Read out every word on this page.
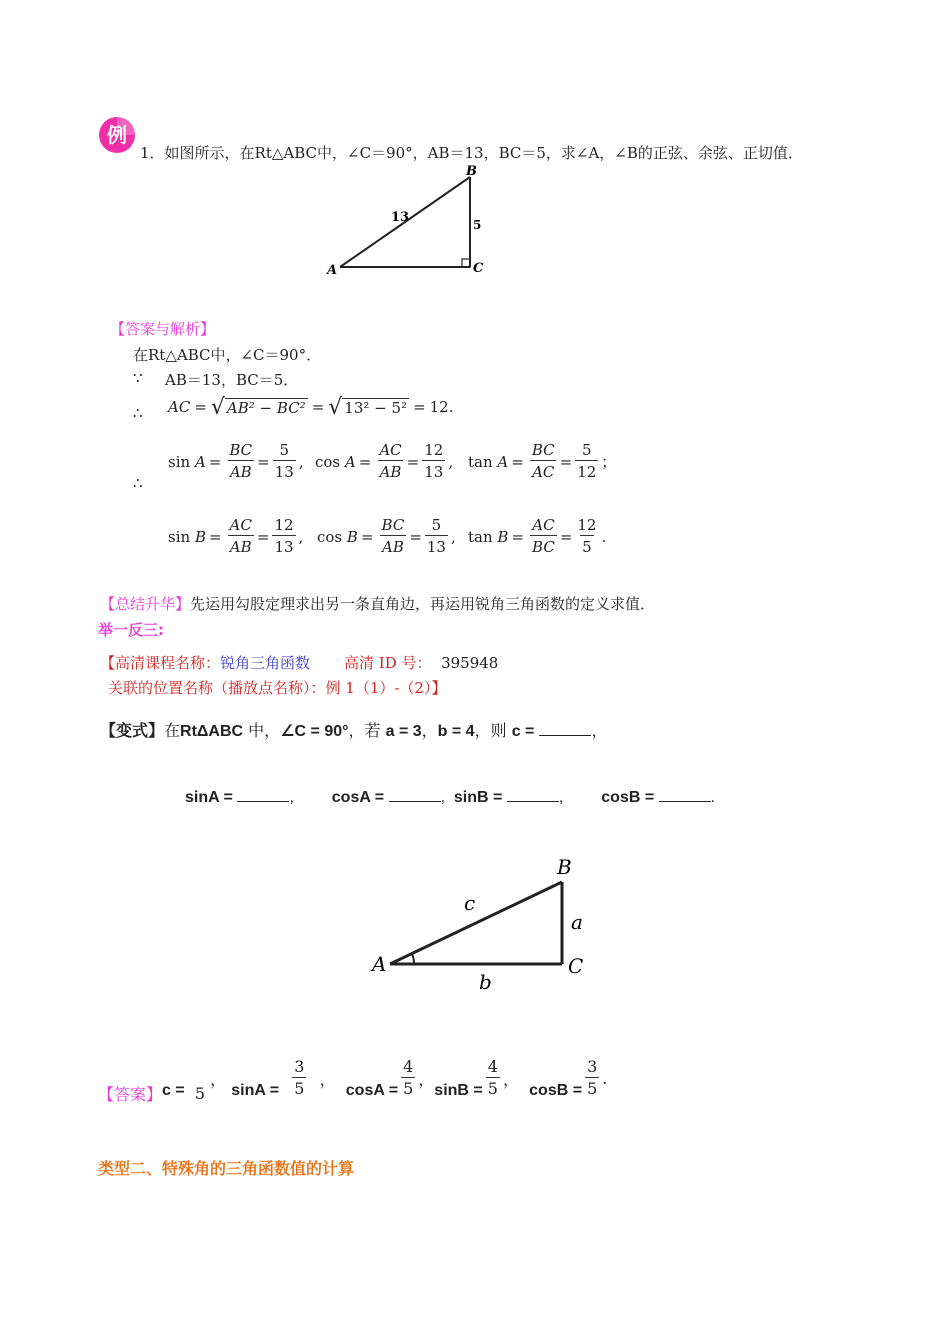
例
1．如图所示，在Rt△ABC中，∠C＝90°，AB＝13，BC＝5，求∠A，∠B的正弦、余弦、正切值．
A
B
C
13	5
【答案与解析】
在Rt△ABC中，∠C＝90°．
∵ AB＝13，BC＝5．
∴ AC = √ AB² − BC² = √ 13² − 5² = 12 .
∴
sin
$A = \frac{BC}{AB} = \frac{5}{13}$ , cos
$A = \frac{AC}{AB} = \frac{12}{13}$ , tan
$A = \frac{BC}{AC} = \frac{5}{12}$ ；
sin
$B = \frac{AC}{AB} = \frac{12}{13}$ , cos
$B = \frac{BC}{AB} = \frac{5}{13}$ , tan
$B = \frac{AC}{BC} = \frac{12}{5}$ .
【总结升华】先运用勾股定理求出另一条直角边，再运用锐角三角函数的定义求值．
举一反三:
【高清课程名称：锐角三角函数 高清 ID 号： 395948
关联的位置名称（播放点名称）：例 1（1）-（2）】
【变式】在RtΔABC 中，∠C = 90°，若 a = 3，b = 4，则 c =	，
sinA =	, cosA =	,  sinB =	, cosB =	.
A
B
C
c
a
b
【答案】 c =
5
，
sinA =
$\frac{3}{5}$ ，
$\cos A = \frac{4}{5}$ ，
$\sin B = \frac{4}{5}$ ，
$\cos B = \frac{3}{5}$ .
类型二、特殊角的三角函数值的计算
